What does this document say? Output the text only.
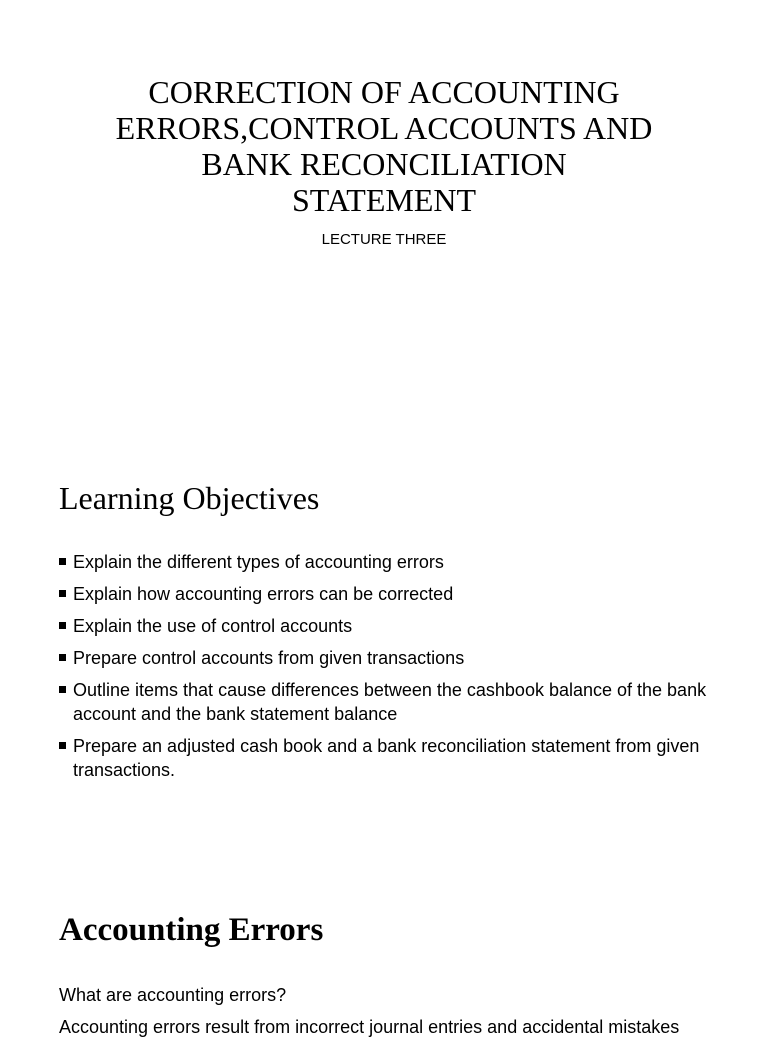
CORRECTION OF ACCOUNTING
ERRORS,CONTROL ACCOUNTS AND
BANK RECONCILIATION
STATEMENT
LECTURE THREE
Learning Objectives
Explain the different types of accounting errors
Explain how accounting errors can be corrected
Explain the use of control accounts
Prepare control accounts from given transactions
Outline items that cause differences between the cashbook balance of the bank account and the bank statement balance
Prepare an adjusted cash book and a bank reconciliation statement from given transactions.
Accounting Errors
What are accounting errors?
Accounting errors result from incorrect journal entries and accidental mistakes
